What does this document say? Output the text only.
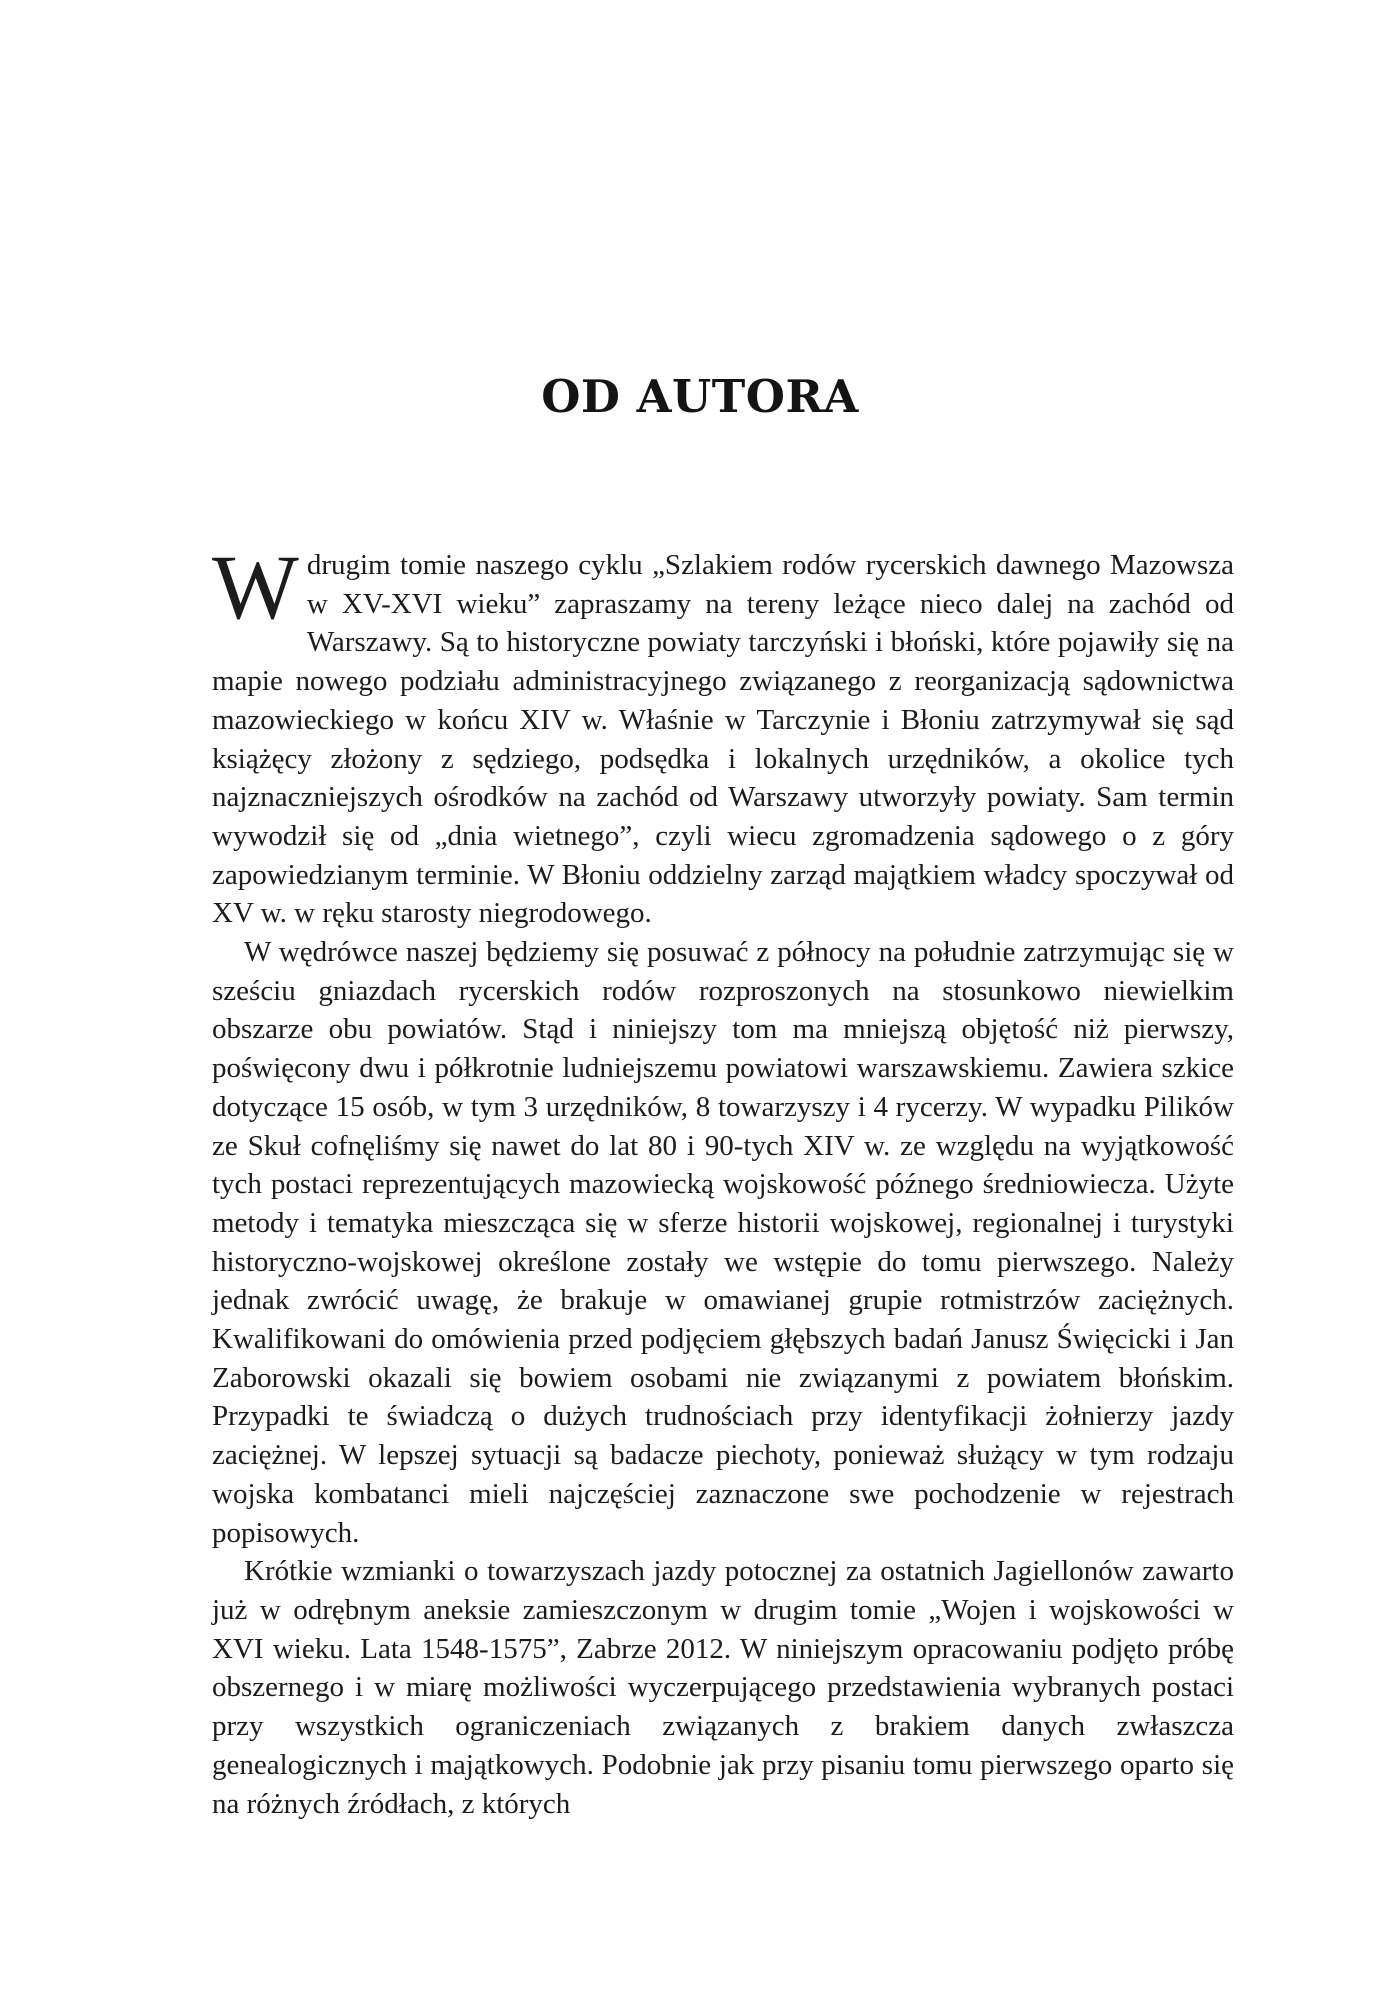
OD AUTORA

Wdrugim tomie naszego cyklu „Szlakiem rodów rycerskich dawnego Mazowsza w XV-XVI wieku” zapraszamy na tereny leżące nieco dalej na zachód od Warszawy. Są to historyczne powiaty tarczyński i błoński, które pojawiły się na mapie nowego podziału administracyjnego związanego z reorganizacją sądownictwa mazowieckiego w końcu XIV w. Właśnie w Tarczynie i Błoniu zatrzymywał się sąd książęcy złożony z sędziego, podsędka i lokalnych urzędników, a okolice tych najznaczniejszych ośrodków na zachód od Warszawy utworzyły powiaty. Sam termin wywodził się od „dnia wietnego”, czyli wiecu zgromadzenia sądowego o z góry zapowiedzianym terminie. W Błoniu oddzielny zarząd majątkiem władcy spoczywał od XV w. w ręku starosty niegrodowego.

W wędrówce naszej będziemy się posuwać z północy na południe zatrzymując się w sześciu gniazdach rycerskich rodów rozproszonych na stosunkowo niewielkim obszarze obu powiatów. Stąd i niniejszy tom ma mniejszą objętość niż pierwszy, poświęcony dwu i półkrotnie ludniejszemu powiatowi warszawskiemu. Zawiera szkice dotyczące 15 osób, w tym 3 urzędników, 8 towarzyszy i 4 rycerzy. W wypadku Pilików ze Skuł cofnęliśmy się nawet do lat 80 i 90-tych XIV w. ze względu na wyjątkowość tych postaci reprezentujących mazowiecką wojskowość późnego średniowiecza. Użyte metody i tematyka mieszcząca się w sferze historii wojskowej, regionalnej i turystyki historyczno-wojskowej określone zostały we wstępie do tomu pierwszego. Należy jednak zwrócić uwagę, że brakuje w omawianej grupie rotmistrzów zaciężnych. Kwalifikowani do omówienia przed podjęciem głębszych badań Janusz Święcicki i Jan Zaborowski okazali się bowiem osobami nie związanymi z powiatem błońskim. Przypadki te świadczą o dużych trudnościach przy identyfikacji żołnierzy jazdy zaciężnej. W lepszej sytuacji są badacze piechoty, ponieważ służący w tym rodzaju wojska kombatanci mieli najczęściej zaznaczone swe pochodzenie w rejestrach popisowych.

Krótkie wzmianki o towarzyszach jazdy potocznej za ostatnich Jagiellonów zawarto już w odrębnym aneksie zamieszczonym w drugim tomie „Wojen i wojskowości w XVI wieku. Lata 1548-1575”, Zabrze 2012. W niniejszym opracowaniu podjęto próbę obszernego i w miarę możliwości wyczerpującego przedstawienia wybranych postaci przy wszystkich ograniczeniach związanych z brakiem danych zwłaszcza genealogicznych i majątkowych. Podobnie jak przy pisaniu tomu pierwszego oparto się na różnych źródłach, z których
